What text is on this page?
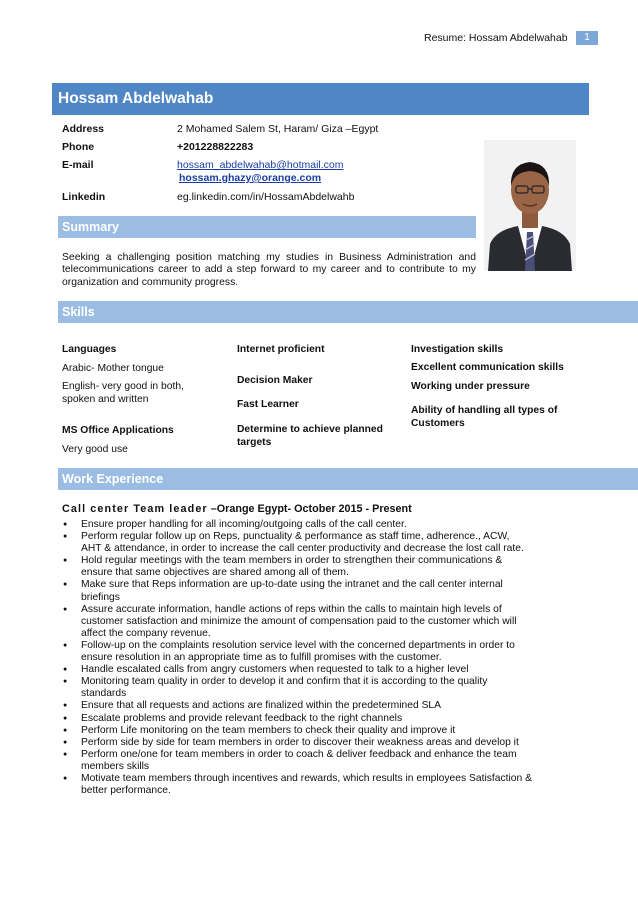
Resume: Hossam Abdelwahab	1
Hossam Abdelwahab
Address	2 Mohamed Salem St, Haram/ Giza –Egypt
Phone	+201228822283
E-mail	hossam_abdelwahab@hotmail.com
hossam.ghazy@orange.com
Linkedin	eg.linkedin.com/in/HossamAbdelwahb
Summary
Seeking a challenging position matching my studies in Business Administration and telecommunications career to add a step forward to my career and to contribute to my organization and community progress.
Skills
Languages
Arabic- Mother tongue
English- very good in both, spoken and written
MS Office Applications
Very good use
Internet proficient
Decision Maker
Fast Learner
Determine to achieve planned targets
Investigation skills
Excellent communication skills
Working under pressure
Ability of handling all types of Customers
Work Experience
Call center Team leader –Orange Egypt- October 2015 - Present
● Ensure proper handling for all incoming/outgoing calls of the call center.
● Perform regular follow up on Reps, punctuality & performance as staff time, adherence., ACW, AHT & attendance, in order to increase the call center productivity and decrease the lost call rate.
● Hold regular meetings with the team members in order to strengthen their communications & ensure that same objectives are shared among all of them.
● Make sure that Reps information are up-to-date using the intranet and the call center internal briefings
● Assure accurate information, handle actions of reps within the calls to maintain high levels of customer satisfaction and minimize the amount of compensation paid to the customer which will affect the company revenue.
● Follow-up on the complaints resolution service level with the concerned departments in order to ensure resolution in an appropriate time as to fulfill promises with the customer.
● Handle escalated calls from angry customers when requested to talk to a higher level
● Monitoring team quality in order to develop it and confirm that it is according to the quality standards
● Ensure that all requests and actions are finalized within the predetermined SLA
● Escalate problems and provide relevant feedback to the right channels
● Perform Life monitoring on the team members to check their quality and improve it
● Perform side by side for team members in order to discover their weakness areas and develop it
● Perform one/one for team members in order to coach & deliver feedback and enhance the team members skills
● Motivate team members through incentives and rewards, which results in employees Satisfaction & better performance.
